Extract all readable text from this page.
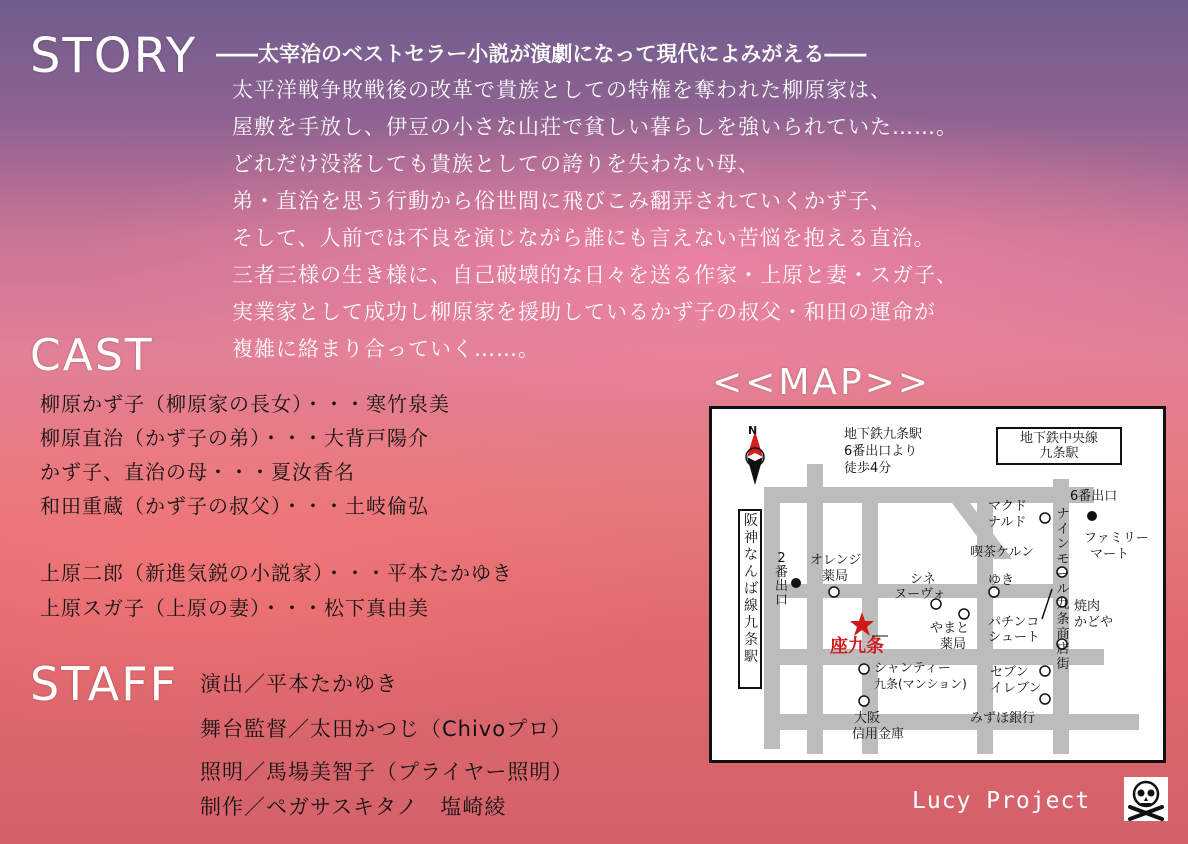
STORY ――太宰治のベストセラー小説が演劇になって現代によみがえる――
太平洋戦争敗戦後の改革で貴族としての特権を奪われた柳原家は、
屋敷を手放し、伊豆の小さな山荘で貧しい暮らしを強いられていた……。
どれだけ没落しても貴族としての誇りを失わない母、
弟・直治を思う行動から俗世間に飛びこみ翻弄されていくかず子、
そして、人前では不良を演じながら誰にも言えない苦悩を抱える直治。
三者三様の生き様に、自己破壊的な日々を送る作家・上原と妻・スガ子、
実業家として成功し柳原家を援助しているかず子の叔父・和田の運命が
複雑に絡まり合っていく……。
CAST
柳原かず子（柳原家の長女）・・・寒竹泉美
柳原直治（かず子の弟）・・・大背戸陽介
かず子、直治の母・・・夏汝香名
和田重蔵（かず子の叔父）・・・土岐倫弘
上原二郎（新進気鋭の小説家）・・・平本たかゆき
上原スガ子（上原の妻）・・・松下真由美
STAFF 演出／平本たかゆき
舞台監督／太田かつじ（Chivoプロ）
照明／馬場美智子（プライヤー照明）
制作／ペガサスキタノ　塩崎綾
<<MAP>>
N	地下鉄九条駅
6番出口より
徒歩4分
地下鉄中央線
九条駅
阪神なんば線九条駅
2番出口
6番出口
オレンジ
薬局	シネ
ヌーヴォ
やまと
薬局
座九条
シャンティー
九条(マンション)
大阪
信用金庫
マクド
ナルド
喫茶ケルン
ゆき
パチンコ
シュート
セブン
イレブン
みずほ銀行
ファミリー
マート
焼肉
かどや
ナインモール九条商店街
Lucy Project
